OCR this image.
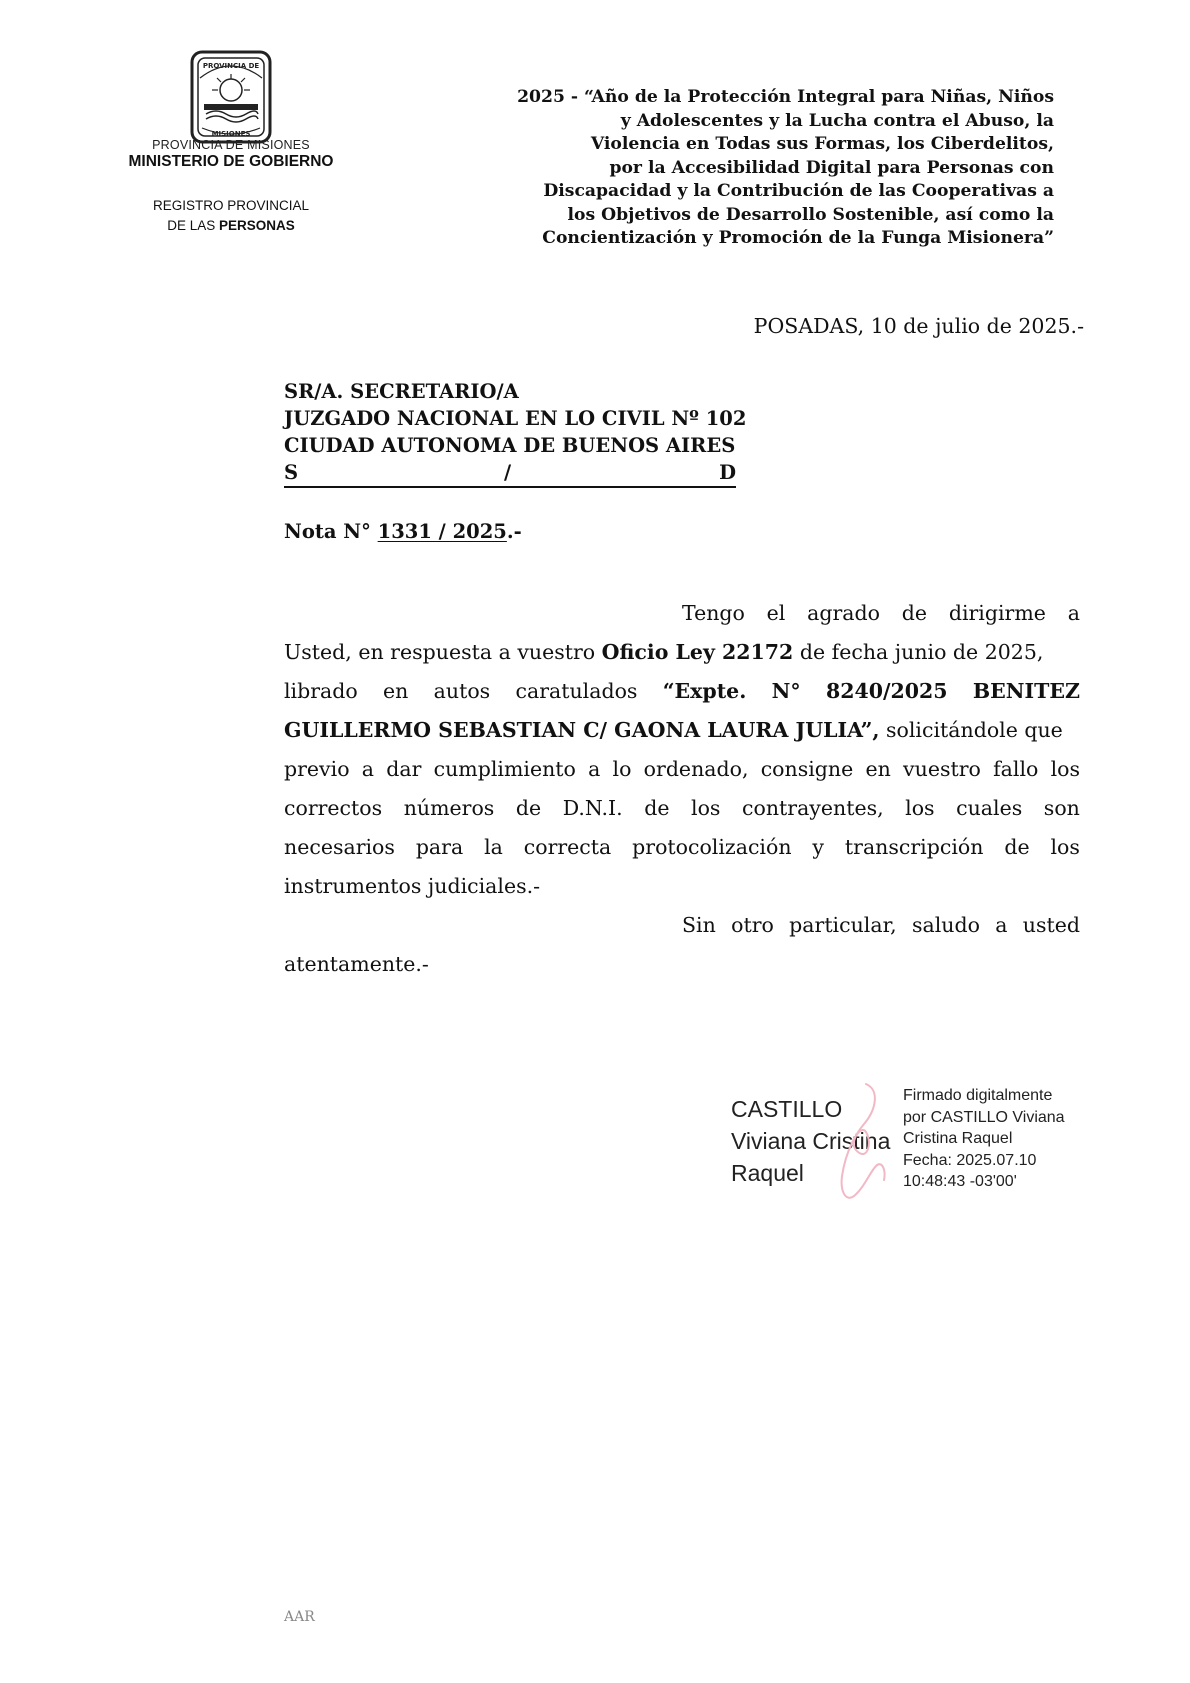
PROVINCIA DE
MISIONES
PROVINCIA DE MISIONES
MINISTERIO DE GOBIERNO
REGISTRO PROVINCIAL
DE LAS PERSONAS
2025 - “Año de la Protección Integral para Niñas, Niños
y Adolescentes y la Lucha contra el Abuso, la
Violencia en Todas sus Formas, los Ciberdelitos,
por la Accesibilidad Digital para Personas con
Discapacidad y la Contribución de las Cooperativas a
los Objetivos de Desarrollo Sostenible, así como la
Concientización y Promoción de la Funga Misionera”
POSADAS, 10 de julio de 2025.-
SR/A. SECRETARIO/A
JUZGADO NACIONAL EN LO CIVIL Nº 102
CIUDAD AUTONOMA DE BUENOS AIRES
S	/	D
Nota N° 1331 / 2025.-
Tengo el agrado de dirigirme a
Usted, en respuesta a vuestro Oficio Ley 22172 de fecha junio de 2025,
librado en autos caratulados “Expte. N° 8240/2025 BENITEZ
GUILLERMO SEBASTIAN C/ GAONA LAURA JULIA”, solicitándole que
previo a dar cumplimiento a lo ordenado, consigne en vuestro fallo los
correctos números de D.N.I. de los contrayentes, los cuales son
necesarios para la correcta protocolización y transcripción de los
instrumentos judiciales.-
Sin otro particular, saludo a usted
atentamente.-
CASTILLO
Viviana Cristina
Raquel
Firmado digitalmente
por CASTILLO Viviana
Cristina Raquel
Fecha: 2025.07.10
10:48:43 -03'00'
AAR
